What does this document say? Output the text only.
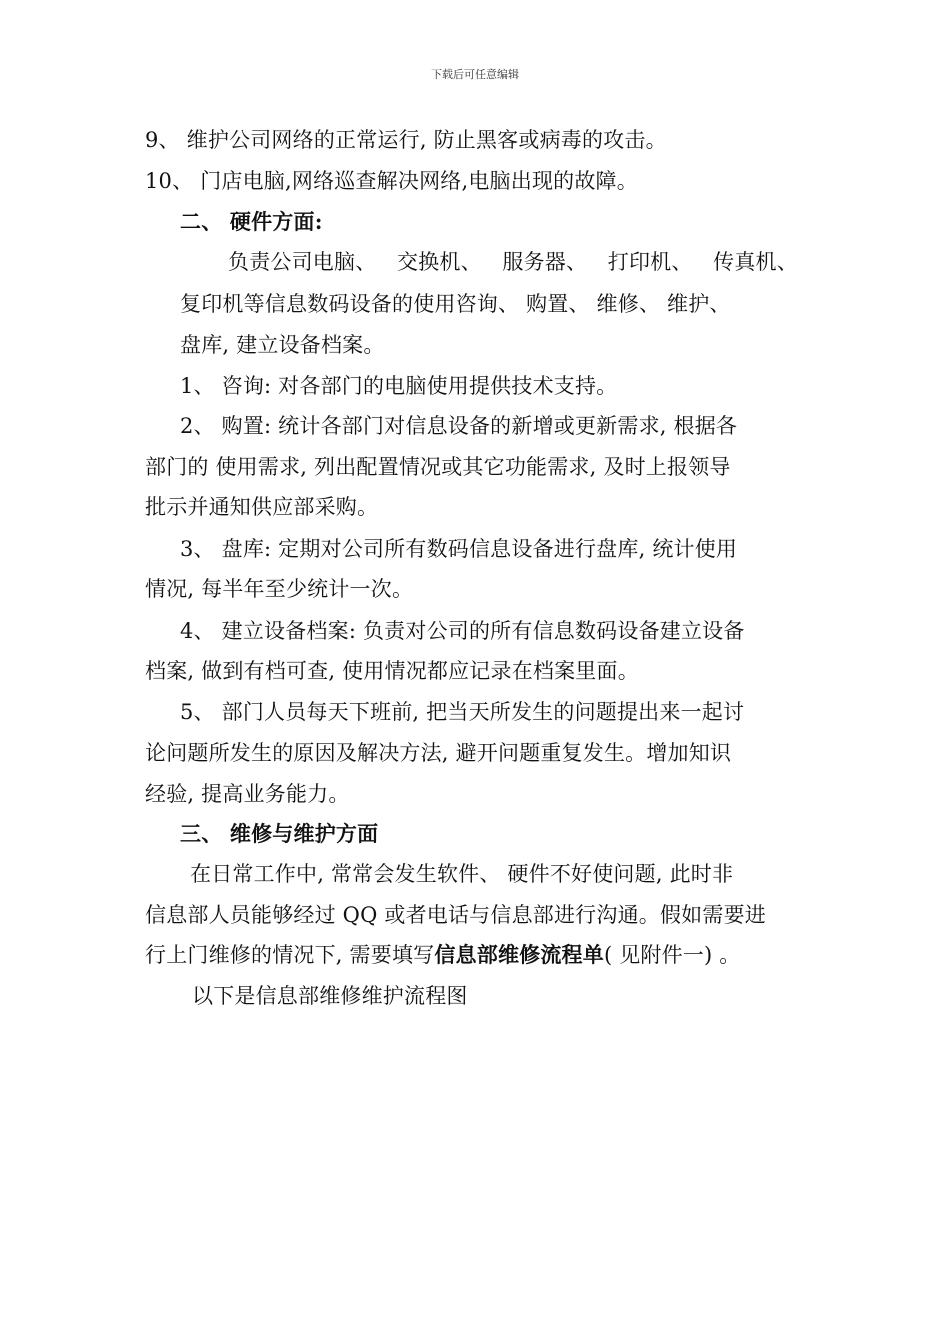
下载后可任意编辑
9、 维护公司网络的正常运行, 防止黑客或病毒的攻击。
10、 门店电脑,网络巡查解决网络,电脑出现的故障。
二、 硬件方面:
负责公司电脑、 交换机、 服务器、 打印机、 传真机、
复印机等信息数码设备的使用咨询、 购置、 维修、 维护、
盘库, 建立设备档案。
1、 咨询: 对各部门的电脑使用提供技术支持。
2、 购置: 统计各部门对信息设备的新增或更新需求, 根据各
部门的 使用需求, 列出配置情况或其它功能需求, 及时上报领导
批示并通知供应部采购。
3、 盘库: 定期对公司所有数码信息设备进行盘库, 统计使用
情况, 每半年至少统计一次。
4、 建立设备档案: 负责对公司的所有信息数码设备建立设备
档案, 做到有档可查, 使用情况都应记录在档案里面。
5、 部门人员每天下班前, 把当天所发生的问题提出来一起讨
论问题所发生的原因及解决方法, 避开问题重复发生。增加知识
经验, 提高业务能力。
三、 维修与维护方面
在日常工作中, 常常会发生软件、 硬件不好使问题, 此时非
信息部人员能够经过 QQ 或者电话与信息部进行沟通。假如需要进
行上门维修的情况下, 需要填写信息部维修流程单( 见附件一) 。
以下是信息部维修维护流程图
